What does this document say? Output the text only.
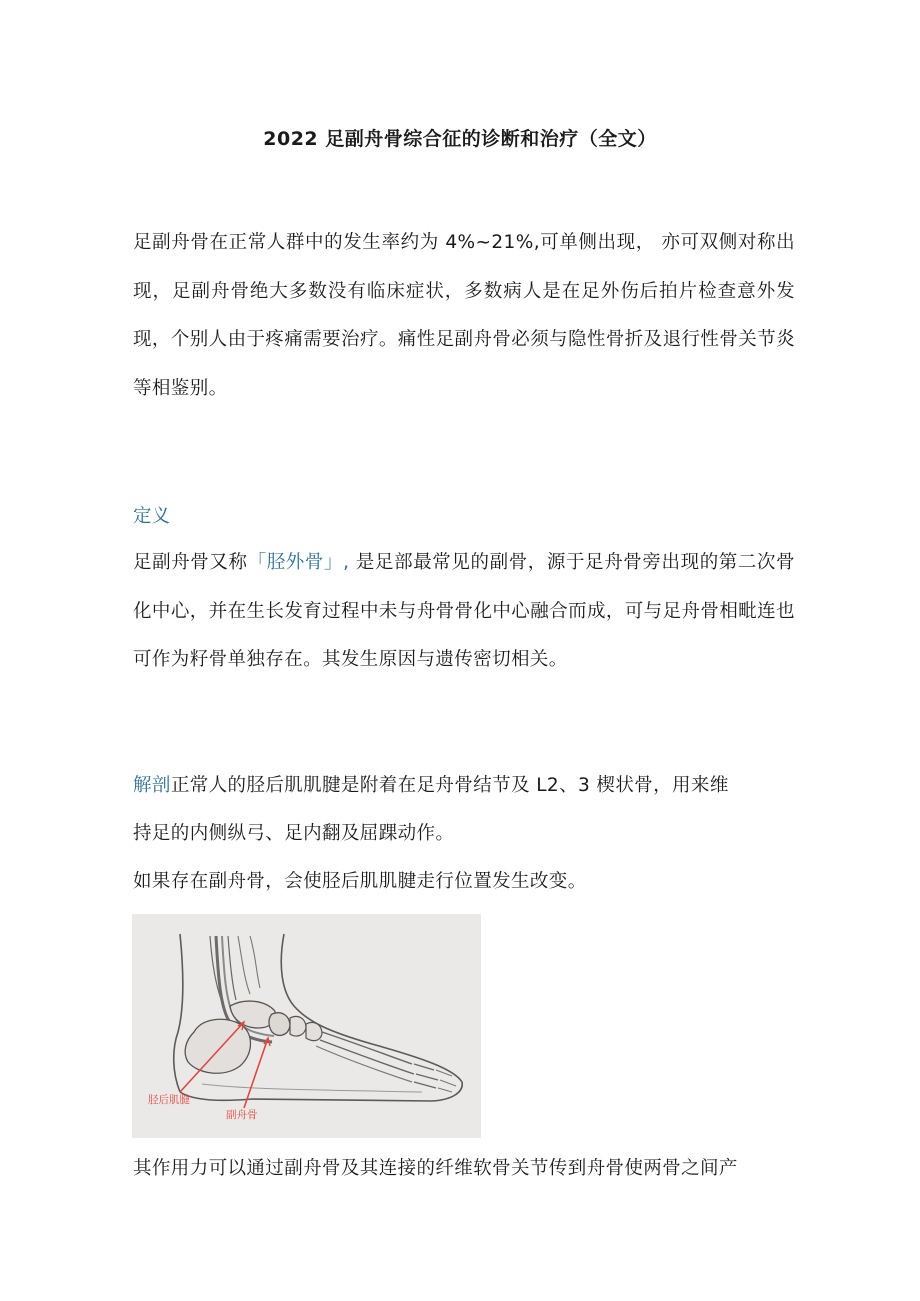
2022 足副舟骨综合征的诊断和治疗（全文）
足副舟骨在正常人群中的发生率约为 4%~21%,可单侧出现， 亦可双侧对称出现，足副舟骨绝大多数没有临床症状，多数病人是在足外伤后拍片检查意外发现，个别人由于疼痛需要治疗。痛性足副舟骨必须与隐性骨折及退行性骨关节炎等相鉴别。
定义
足副舟骨又称「胫外骨」, 是足部最常见的副骨，源于足舟骨旁出现的第二次骨化中心，并在生长发育过程中未与舟骨骨化中心融合而成，可与足舟骨相毗连也可作为籽骨单独存在。其发生原因与遗传密切相关。
解剖正常人的胫后肌肌腱是附着在足舟骨结节及 L2、3 楔状骨，用来维
持足的内侧纵弓、足内翻及屈踝动作。
如果存在副舟骨，会使胫后肌肌腱走行位置发生改变。
胫后肌腱
副舟骨
其作用力可以通过副舟骨及其连接的纤维软骨关节传到舟骨使两骨之间产
